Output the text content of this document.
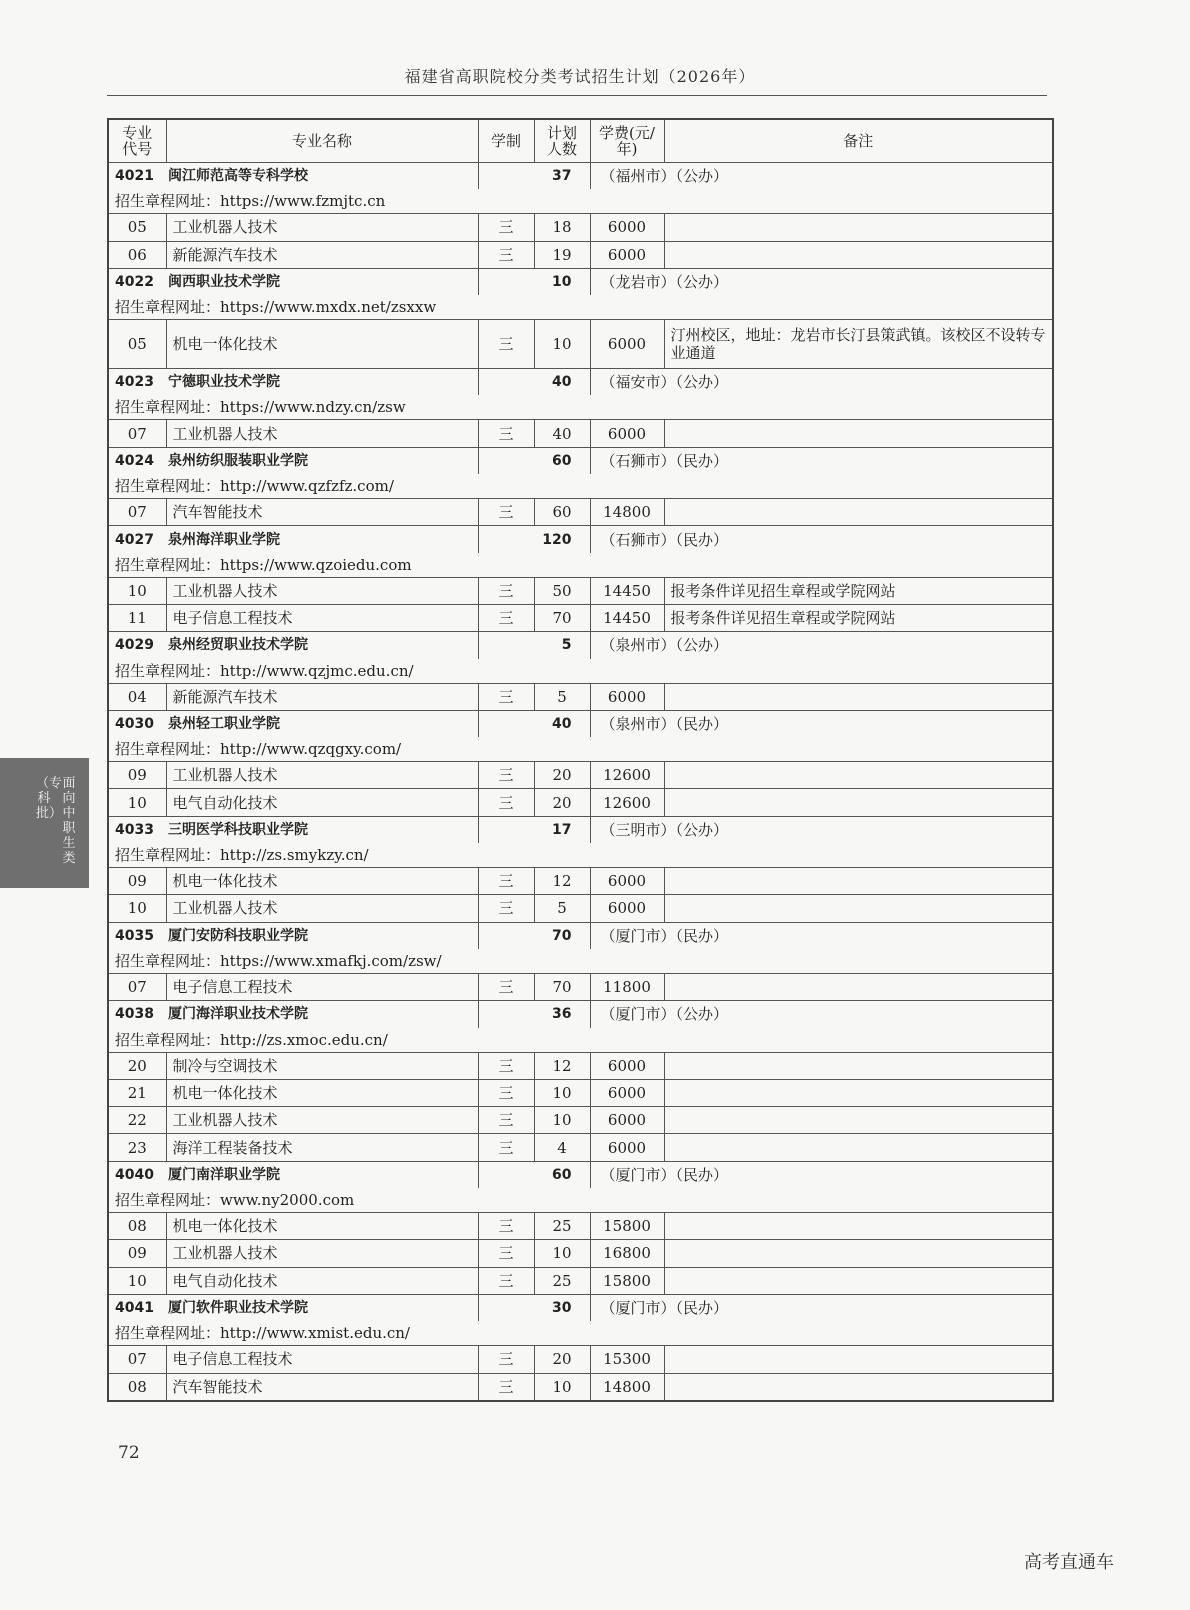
福建省高职院校分类考试招生计划（2026年）
面向中职生类
（专科批）
专业代号	专业名称	学制	计划人数	学费(元/年)	备注
4021 闽江师范高等专科学校		37		（福州市）（公办）	
招生章程网址：https://www.fzmjtc.cn					
05	工业机器人技术	三	18	6000	
06	新能源汽车技术	三	19	6000	
4022 闽西职业技术学院		10		（龙岩市）（公办）	
招生章程网址：https://www.mxdx.net/zsxxw					
05	机电一体化技术	三	10	6000	汀州校区，地址：龙岩市长汀县策武镇。该校区不设转专业通道
4023 宁德职业技术学院		40		（福安市）（公办）	
招生章程网址：https://www.ndzy.cn/zsw					
07	工业机器人技术	三	40	6000	
4024 泉州纺织服装职业学院		60		（石狮市）（民办）	
招生章程网址：http://www.qzfzfz.com/					
07	汽车智能技术	三	60	14800	
4027 泉州海洋职业学院		120		（石狮市）（民办）	
招生章程网址：https://www.qzoiedu.com					
10	工业机器人技术	三	50	14450	报考条件详见招生章程或学院网站
11	电子信息工程技术	三	70	14450	报考条件详见招生章程或学院网站
4029 泉州经贸职业技术学院		5		（泉州市）（公办）	
招生章程网址：http://www.qzjmc.edu.cn/					
04	新能源汽车技术	三	5	6000	
4030 泉州轻工职业学院		40		（泉州市）（民办）	
招生章程网址：http://www.qzqgxy.com/					
09	工业机器人技术	三	20	12600	
10	电气自动化技术	三	20	12600	
4033 三明医学科技职业学院		17		（三明市）（公办）	
招生章程网址：http://zs.smykzy.cn/					
09	机电一体化技术	三	12	6000	
10	工业机器人技术	三	5	6000	
4035 厦门安防科技职业学院		70		（厦门市）（民办）	
招生章程网址：https://www.xmafkj.com/zsw/					
07	电子信息工程技术	三	70	11800	
4038 厦门海洋职业技术学院		36		（厦门市）（公办）	
招生章程网址：http://zs.xmoc.edu.cn/					
20	制冷与空调技术	三	12	6000	
21	机电一体化技术	三	10	6000	
22	工业机器人技术	三	10	6000	
23	海洋工程装备技术	三	4	6000	
4040 厦门南洋职业学院		60		（厦门市）（民办）	
招生章程网址：www.ny2000.com					
08	机电一体化技术	三	25	15800	
09	工业机器人技术	三	10	16800	
10	电气自动化技术	三	25	15800	
4041 厦门软件职业技术学院		30		（厦门市）（民办）	
招生章程网址：http://www.xmist.edu.cn/					
07	电子信息工程技术	三	20	15300	
08	汽车智能技术	三	10	14800	
72
高考直通车
